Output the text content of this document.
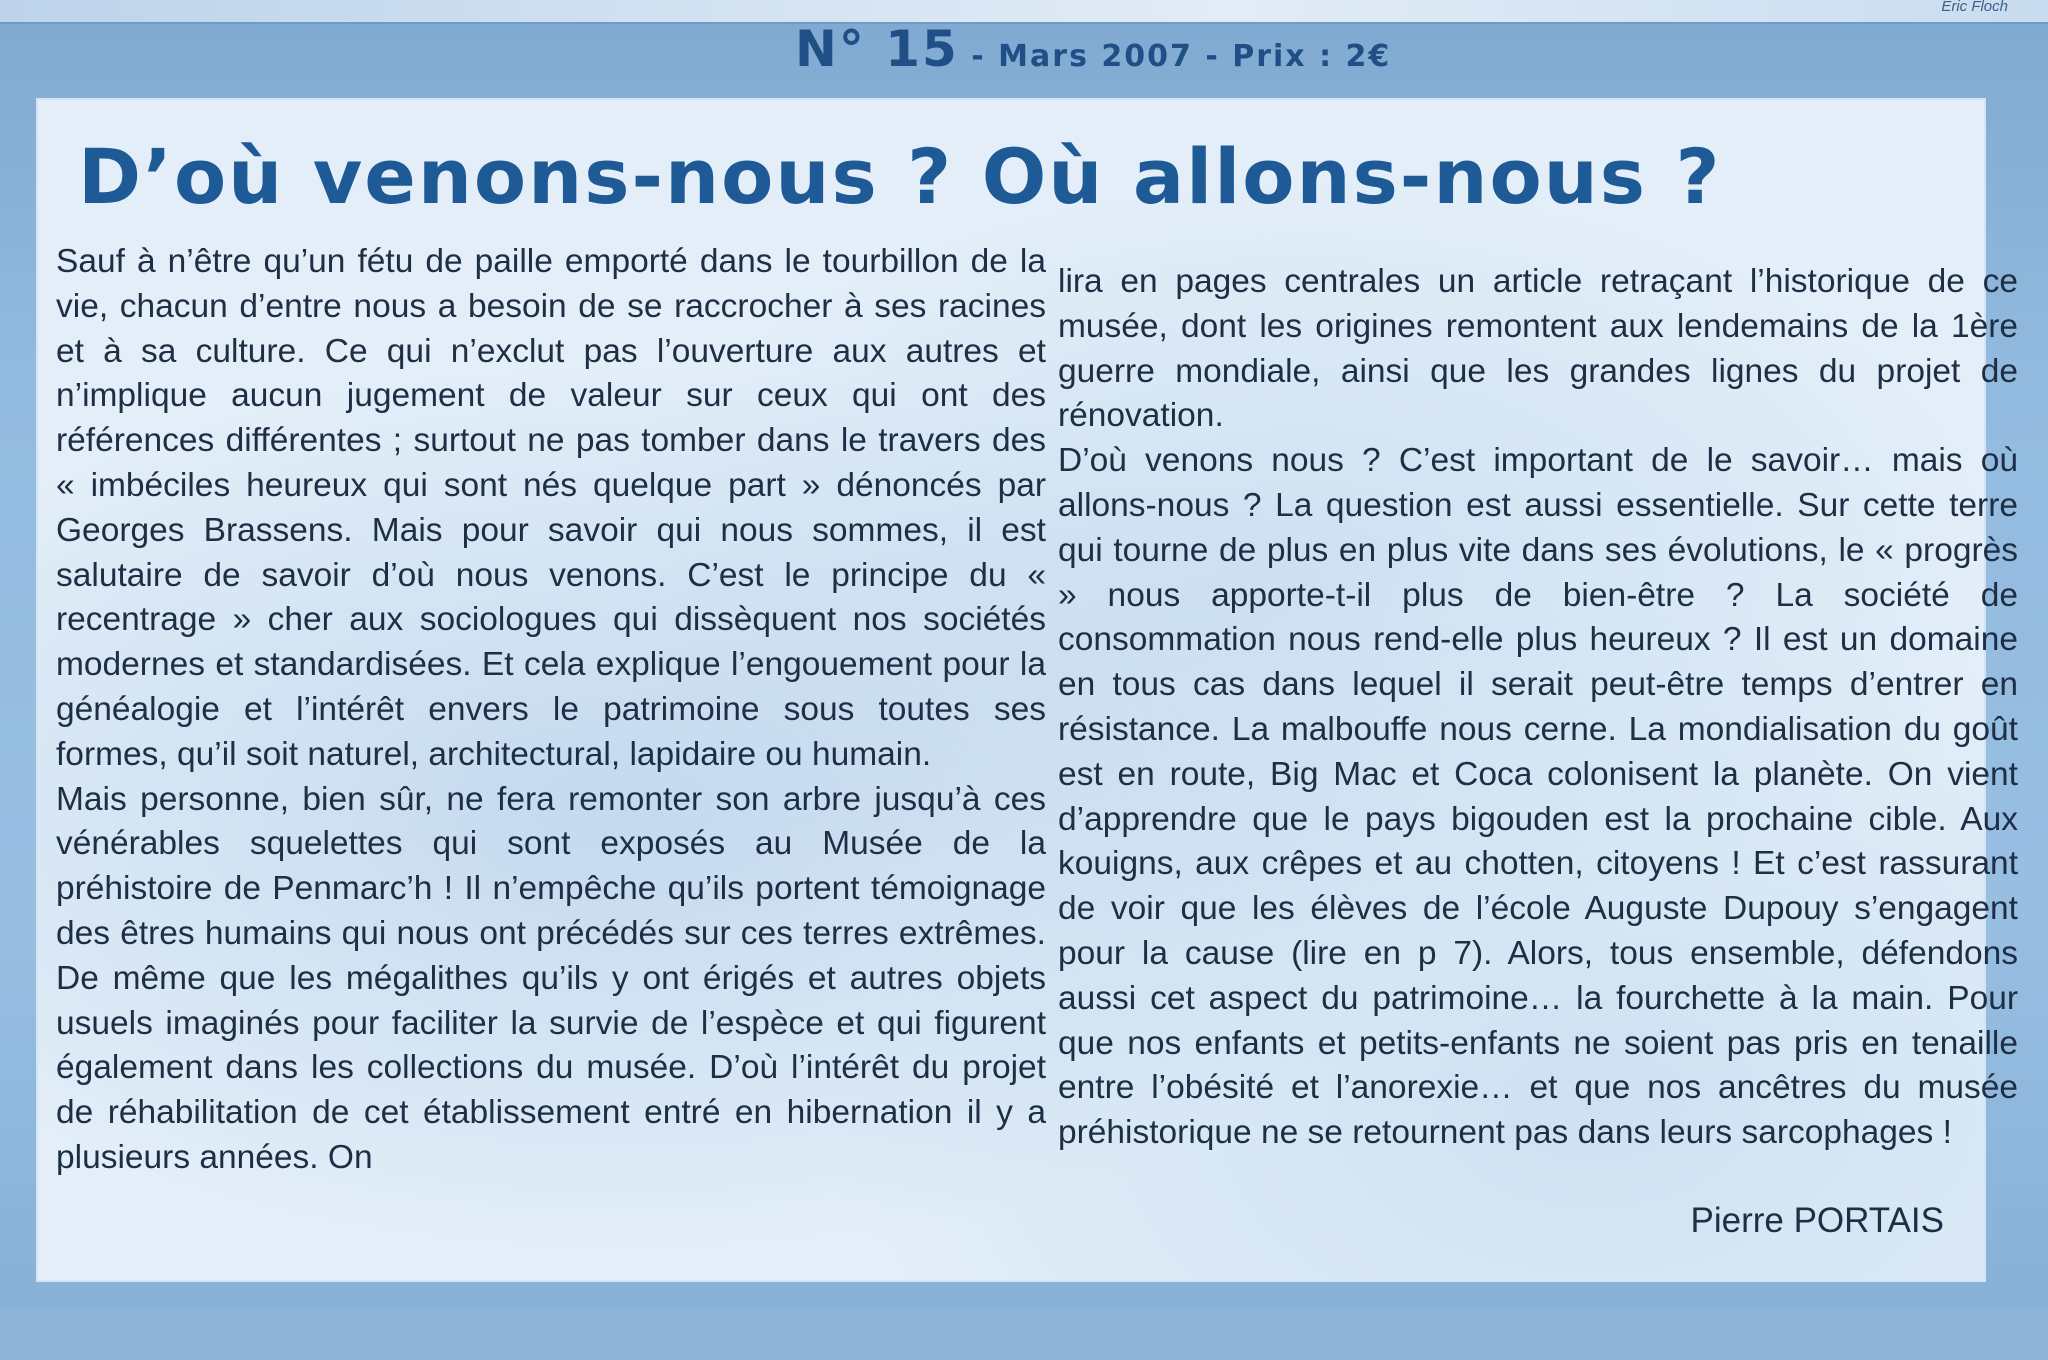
Eric Floch
N° 15 - Mars 2007 - Prix : 2€
D’où venons-nous ? Où allons-nous ?

Sauf à n’être qu’un fétu de paille emporté dans le tourbillon de la vie, chacun d’entre nous a besoin de se raccrocher à ses racines et à sa culture. Ce qui n’exclut pas l’ouverture aux autres et n’implique aucun jugement de valeur sur ceux qui ont des références différentes ; surtout ne pas tomber dans le travers des « imbéciles heureux qui sont nés quelque part » dénoncés par Georges Brassens. Mais pour savoir qui nous sommes, il est salutaire de savoir d’où nous venons. C’est le principe du « recentrage » cher aux sociologues qui dissèquent nos sociétés modernes et standardisées. Et cela explique l’engouement pour la généalogie et l’intérêt envers le patrimoine sous toutes ses formes, qu’il soit naturel, architectural, lapidaire ou humain.

Mais personne, bien sûr, ne fera remonter son arbre jusqu’à ces vénérables squelettes qui sont exposés au Musée de la préhistoire de Penmarc’h ! Il n’empêche qu’ils portent témoignage des êtres humains qui nous ont précédés sur ces terres extrêmes. De même que les mégalithes qu’ils y ont érigés et autres objets usuels imaginés pour faciliter la survie de l’espèce et qui figurent également dans les collections du musée. D’où l’intérêt du projet de réhabilitation de cet établissement entré en hibernation il y a plusieurs années. On

lira en pages centrales un article retraçant l’historique de ce musée, dont les origines remontent aux lendemains de la 1ère guerre mondiale, ainsi que les grandes lignes du projet de rénovation.

D’où venons nous ? C’est important de le savoir… mais où allons-nous ? La question est aussi essentielle. Sur cette terre qui tourne de plus en plus vite dans ses évolutions, le « progrès » nous apporte-t-il plus de bien-être ? La société de consommation nous rend-elle plus heureux ? Il est un domaine en tous cas dans lequel il serait peut-être temps d’entrer en résistance. La malbouffe nous cerne. La mondialisation du goût est en route, Big Mac et Coca colonisent la planète. On vient d’apprendre que le pays bigouden est la prochaine cible. Aux kouigns, aux crêpes et au chotten, citoyens ! Et c’est rassurant de voir que les élèves de l’école Auguste Dupouy s’engagent pour la cause (lire en p 7). Alors, tous ensemble, défendons aussi cet aspect du patrimoine… la fourchette à la main. Pour que nos enfants et petits-enfants ne soient pas pris en tenaille entre l’obésité et l’anorexie… et que nos ancêtres du musée préhistorique ne se retournent pas dans leurs sarcophages !

Pierre PORTAIS
